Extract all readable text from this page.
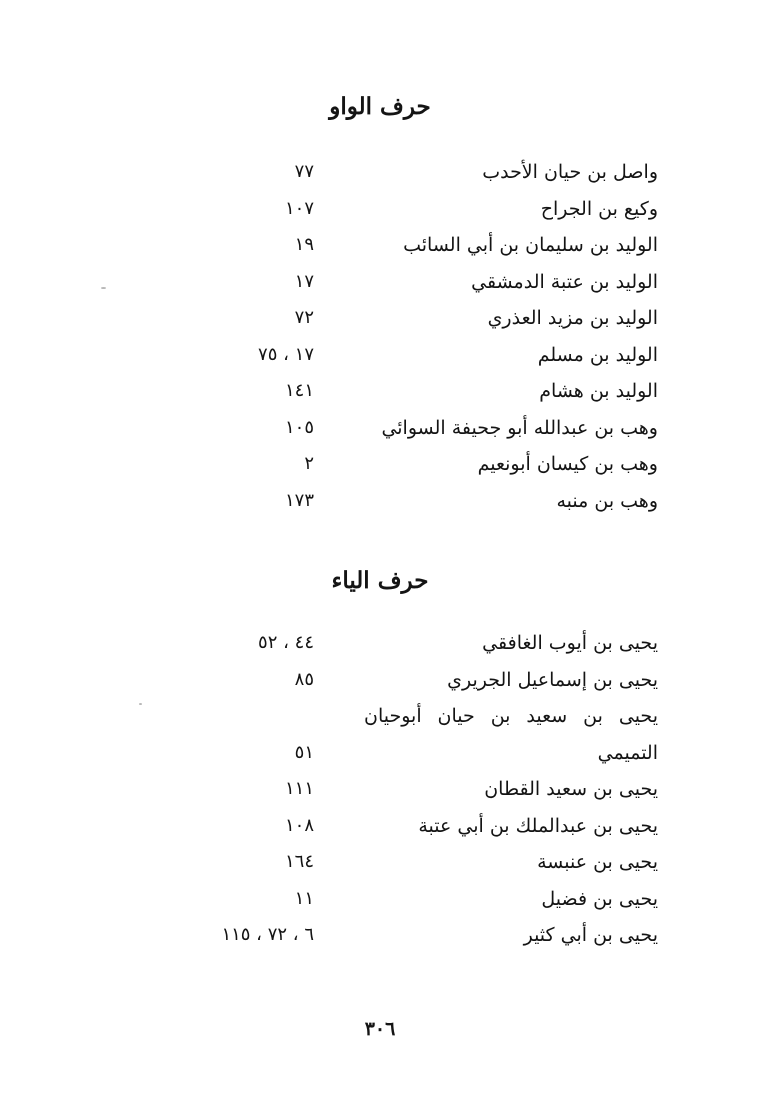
حرف الواو
واصل بن حيان الأحدب
٧٧
وكيع بن الجراح
١٠٧
الوليد بن سليمان بن أبي السائب
١٩
الوليد بن عتبة الدمشقي
١٧
الوليد بن مزيد العذري
٧٢
الوليد بن مسلم
١٧ ، ٧٥
الوليد بن هشام
١٤١
وهب بن عبدالله أبو جحيفة السوائي
١٠٥
وهب بن كيسان أبونعيم
٢
وهب بن منبه
١٧٣
حرف الياء
يحيى بن أيوب الغافقي
٤٤ ، ٥٢
يحيى بن إسماعيل الجريري
٨٥
يحيى بن سعيد بن حيان أبوحيان
التميمي
٥١
يحيى بن سعيد القطان
١١١
يحيى بن عبدالملك بن أبي عتبة
١٠٨
يحيى بن عنبسة
١٦٤
يحيى بن فضيل
١١
يحيى بن أبي كثير
٦ ، ٧٢ ، ١١٥
٣٠٦
